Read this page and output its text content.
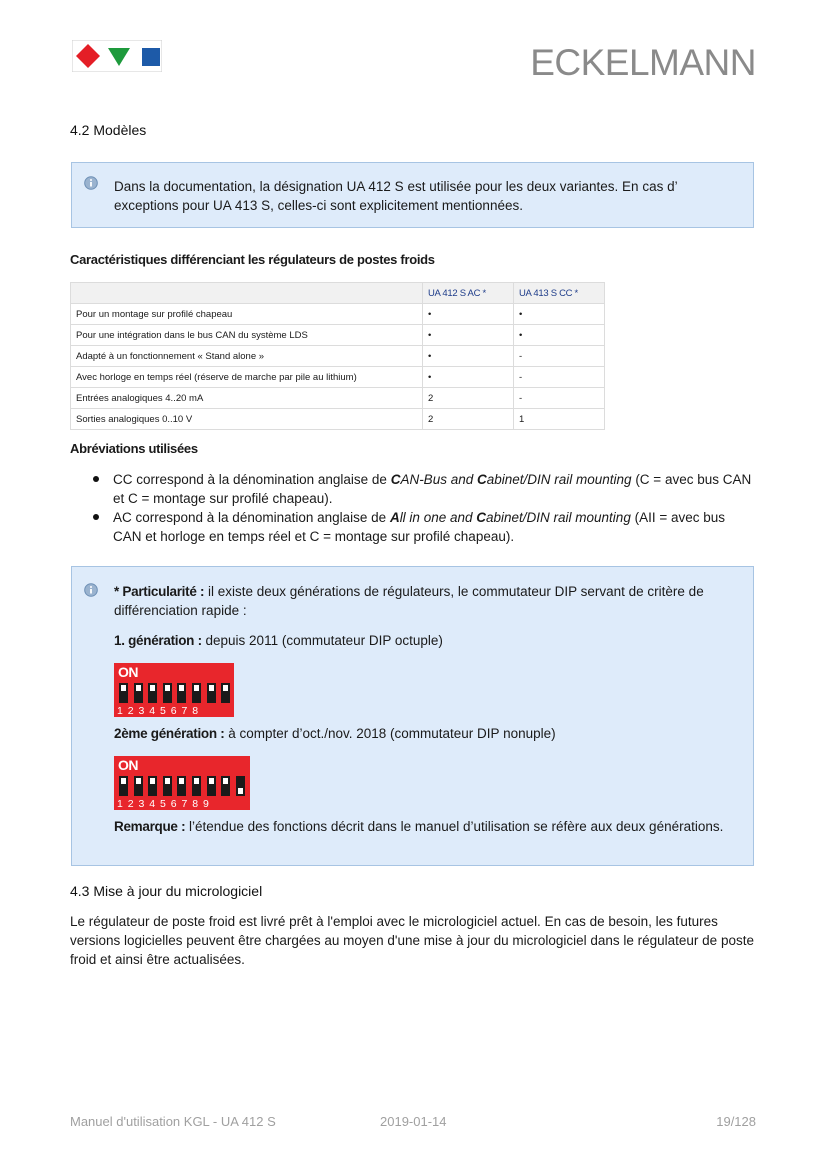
ECKELMANN
4.2 Modèles
Dans la documentation, la désignation UA 412 S est utilisée pour les deux variantes. En cas d’ exceptions pour UA 413 S, celles-ci sont explicitement mentionnées.
Caractéristiques différenciant les régulateurs de postes froids
	UA 412 S AC *	UA 413 S CC *
Pour un montage sur profilé chapeau	•	•
Pour une intégration dans le bus CAN du système LDS	•	•
Adapté à un fonctionnement « Stand alone »	•	-
Avec horloge en temps réel (réserve de marche par pile au lithium)	•	-
Entrées analogiques 4..20 mA	2	-
Sorties analogiques 0..10 V	2	1
Abréviations utilisées
CC correspond à la dénomination anglaise de CAN-Bus and Cabinet/DIN rail mounting (C = avec bus CAN et C = montage sur profilé chapeau).
AC correspond à la dénomination anglaise de All in one and Cabinet/DIN rail mounting (AII = avec bus CAN et horloge en temps réel et C = montage sur profilé chapeau).
* Particularité : il existe deux générations de régulateurs, le commutateur DIP servant de critère de différenciation rapide :
1. génération : depuis 2011 (commutateur DIP octuple)
ON
1 2 3 4 5 6 7 8
2ème génération : à compter d’oct./nov. 2018 (commutateur DIP nonuple)
ON
1 2 3 4 5 6 7 8 9
Remarque : l’étendue des fonctions décrit dans le manuel d’utilisation se réfère aux deux générations.
4.3 Mise à jour du micrologiciel
Le régulateur de poste froid est livré prêt à l'emploi avec le micrologiciel actuel. En cas de besoin, les futures versions logicielles peuvent être chargées au moyen d'une mise à jour du micrologiciel dans le régulateur de poste froid et ainsi être actualisées.
Manuel d'utilisation KGL - UA 412 S	2019-01-14	19/128
